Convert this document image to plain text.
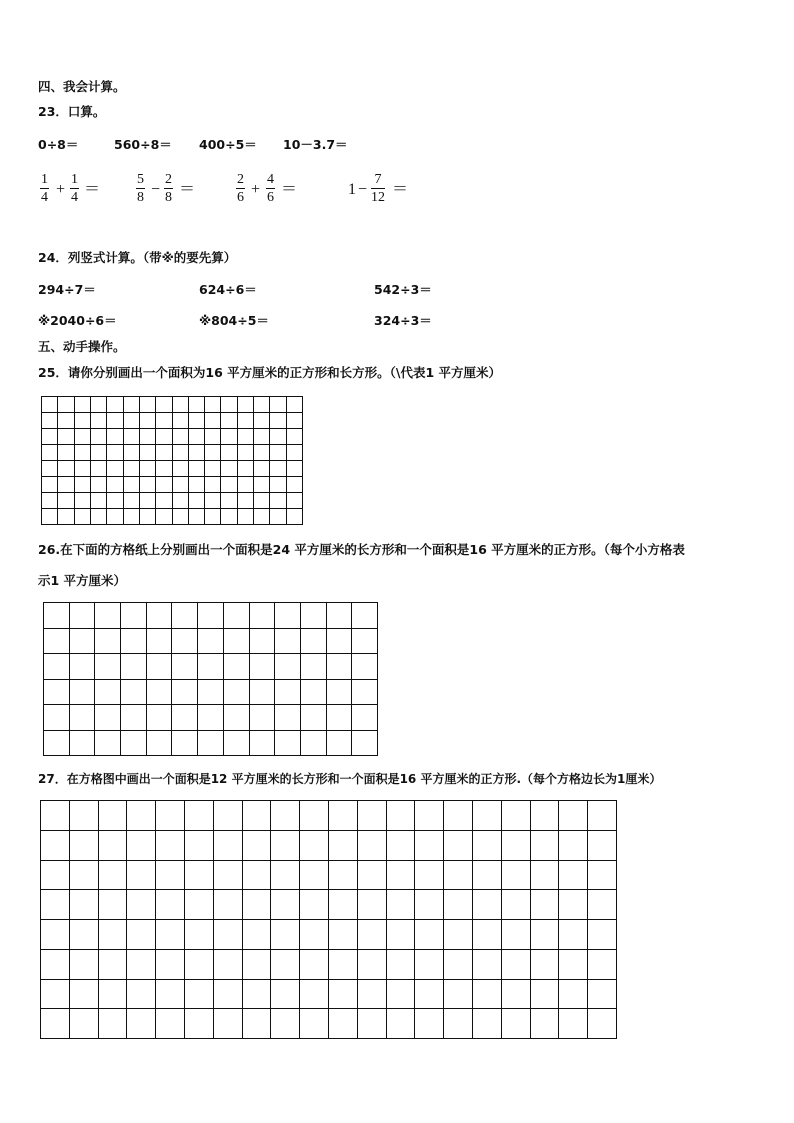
四、我会计算。
23．口算。
0÷8＝	560÷8＝ 400÷5＝ 10－3.7＝
1
4 +
1
4 ＝
5
8 −
2
8 ＝
2
6 +
4
6 ＝	1 −
7
12 ＝
24．列竖式计算。（带※的要先算）
294÷7＝	624÷6＝	542÷3＝
※2040÷6＝	※804÷5＝	324÷3＝
五、动手操作。
25．请你分别画出一个面积为16 平方厘米的正方形和长方形。（\代表1 平方厘米）

26.在下面的方格纸上分别画出一个面积是24 平方厘米的长方形和一个面积是16 平方厘米的正方形。（每个小方格表
示1 平方厘米）

27．在方格图中画出一个面积是12 平方厘米的长方形和一个面积是16 平方厘米的正方形.（每个方格边长为1厘米）
